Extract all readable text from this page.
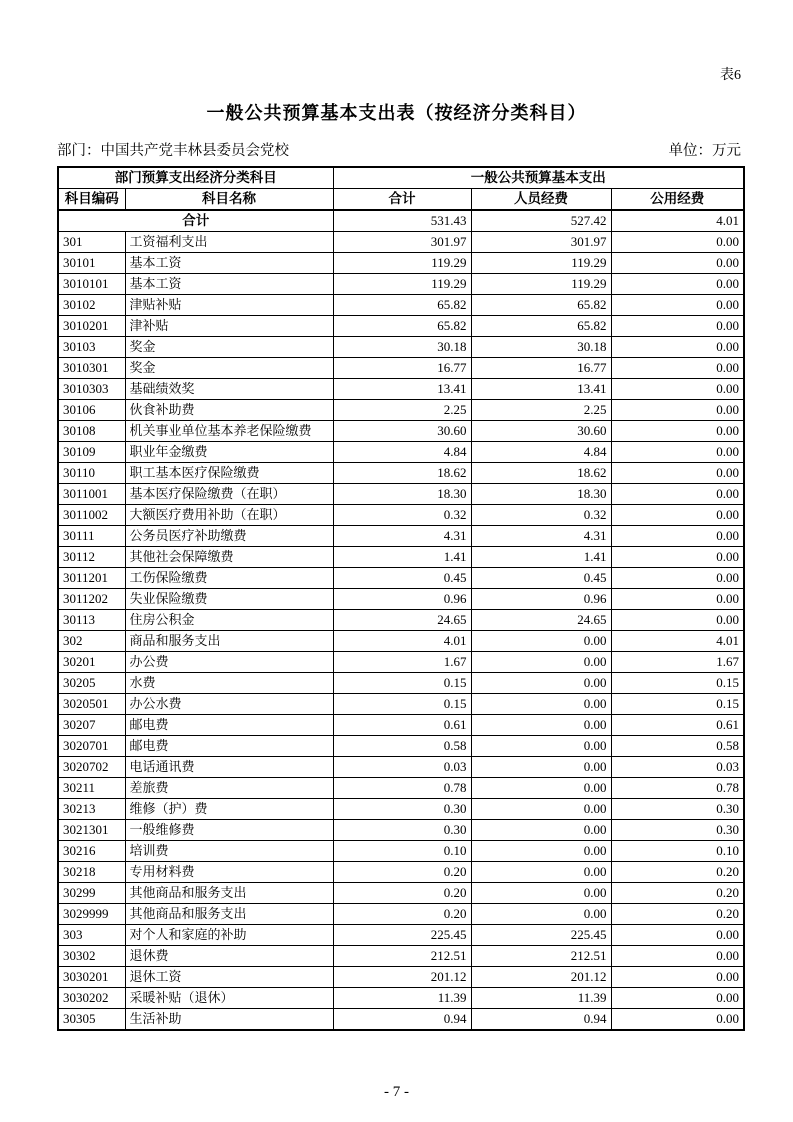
表6
一般公共预算基本支出表（按经济分类科目）
部门：中国共产党丰林县委员会党校	单位：万元
部门预算支出经济分类科目		一般公共预算基本支出		
科目编码	科目名称	合计	人员经费	公用经费
合计		531.43	527.42	4.01
301	工资福利支出	301.97	301.97	0.00
30101	基本工资	119.29	119.29	0.00
3010101	基本工资	119.29	119.29	0.00
30102	津贴补贴	65.82	65.82	0.00
3010201	津补贴	65.82	65.82	0.00
30103	奖金	30.18	30.18	0.00
3010301	奖金	16.77	16.77	0.00
3010303	基础绩效奖	13.41	13.41	0.00
30106	伙食补助费	2.25	2.25	0.00
30108	机关事业单位基本养老保险缴费	30.60	30.60	0.00
30109	职业年金缴费	4.84	4.84	0.00
30110	职工基本医疗保险缴费	18.62	18.62	0.00
3011001	基本医疗保险缴费（在职）	18.30	18.30	0.00
3011002	大额医疗费用补助（在职）	0.32	0.32	0.00
30111	公务员医疗补助缴费	4.31	4.31	0.00
30112	其他社会保障缴费	1.41	1.41	0.00
3011201	工伤保险缴费	0.45	0.45	0.00
3011202	失业保险缴费	0.96	0.96	0.00
30113	住房公积金	24.65	24.65	0.00
302	商品和服务支出	4.01	0.00	4.01
30201	办公费	1.67	0.00	1.67
30205	水费	0.15	0.00	0.15
3020501	办公水费	0.15	0.00	0.15
30207	邮电费	0.61	0.00	0.61
3020701	邮电费	0.58	0.00	0.58
3020702	电话通讯费	0.03	0.00	0.03
30211	差旅费	0.78	0.00	0.78
30213	维修（护）费	0.30	0.00	0.30
3021301	一般维修费	0.30	0.00	0.30
30216	培训费	0.10	0.00	0.10
30218	专用材料费	0.20	0.00	0.20
30299	其他商品和服务支出	0.20	0.00	0.20
3029999	其他商品和服务支出	0.20	0.00	0.20
303	对个人和家庭的补助	225.45	225.45	0.00
30302	退休费	212.51	212.51	0.00
3030201	退休工资	201.12	201.12	0.00
3030202	采暖补贴（退休）	11.39	11.39	0.00
30305	生活补助	0.94	0.94	0.00
- 7 -
